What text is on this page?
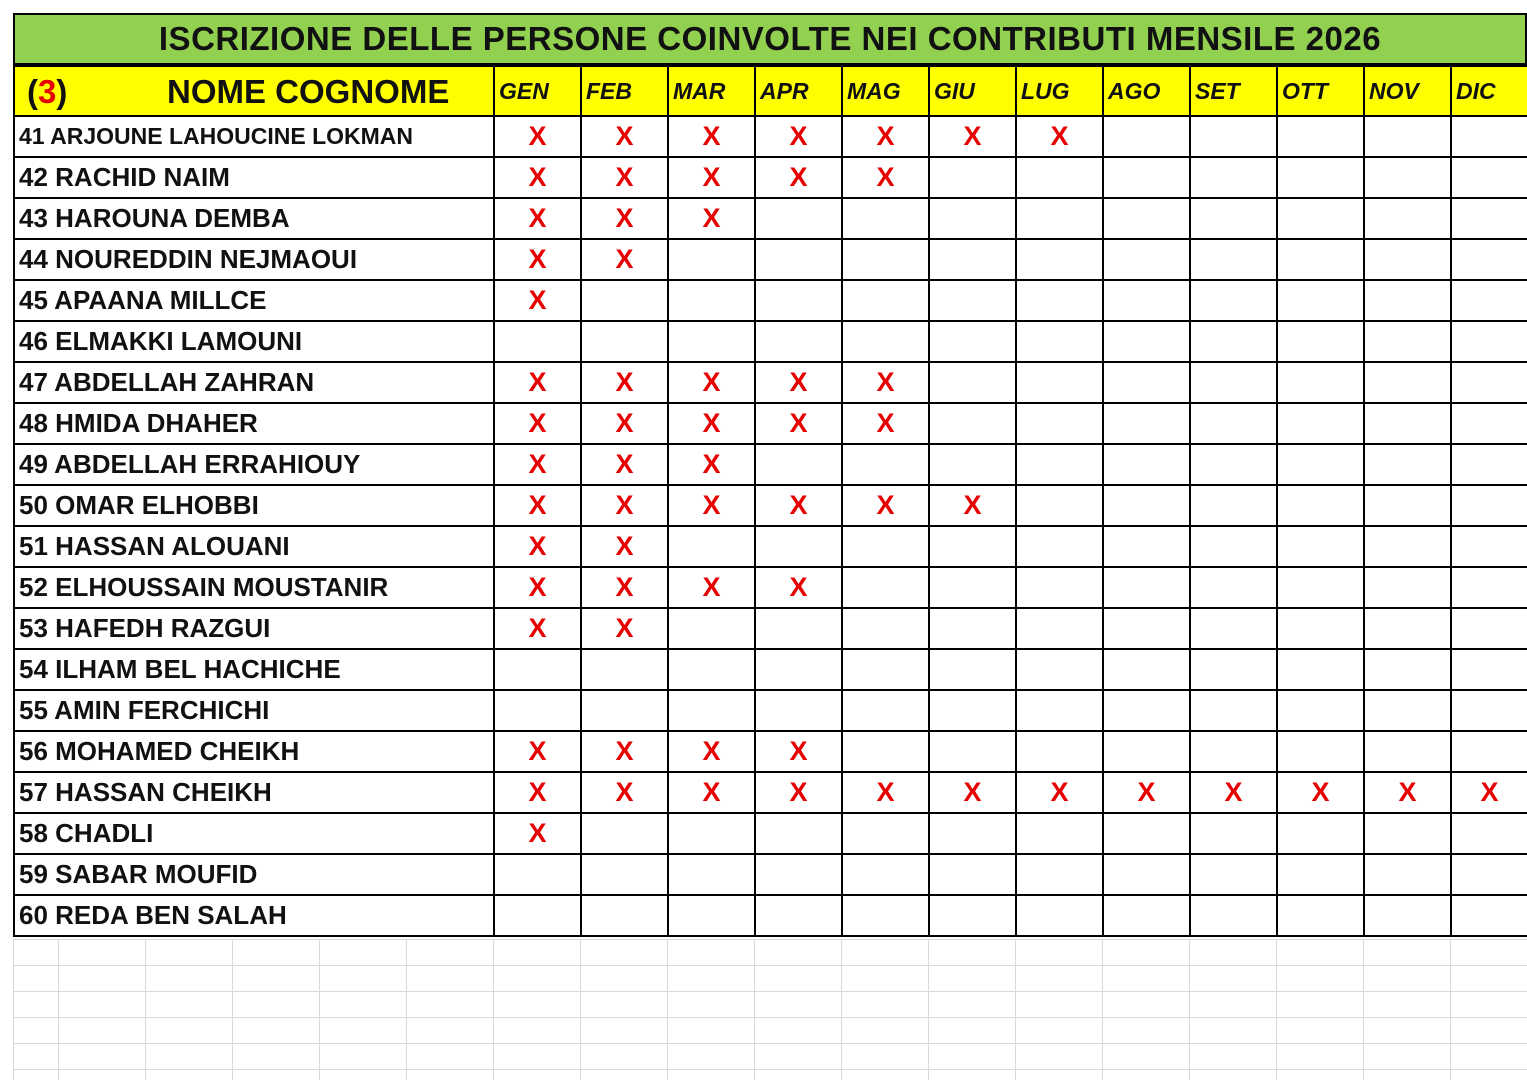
ISCRIZIONE DELLE PERSONE COINVOLTE NEI CONTRIBUTI MENSILE 2026
(3) NOME COGNOME	GEN	FEB	MAR	APR	MAG	GIU	LUG	AGO	SET	OTT	NOV	DIC
41 ARJOUNE LAHOUCINE LOKMAN	X	X	X	X	X	X	X					
42 RACHID NAIM	X	X	X	X	X							
43 HAROUNA DEMBA	X	X	X									
44 NOUREDDIN NEJMAOUI	X	X										
45 APAANA MILLCE	X											
46 ELMAKKI LAMOUNI												
47 ABDELLAH ZAHRAN	X	X	X	X	X							
48 HMIDA DHAHER	X	X	X	X	X							
49 ABDELLAH ERRAHIOUY	X	X	X									
50 OMAR ELHOBBI	X	X	X	X	X	X						
51 HASSAN ALOUANI	X	X										
52 ELHOUSSAIN MOUSTANIR	X	X	X	X								
53 HAFEDH RAZGUI	X	X										
54 ILHAM BEL HACHICHE												
55 AMIN FERCHICHI												
56 MOHAMED CHEIKH	X	X	X	X								
57 HASSAN CHEIKH	X	X	X	X	X	X	X	X	X	X	X	X
58 CHADLI	X											
59 SABAR MOUFID												
60 REDA BEN SALAH												
